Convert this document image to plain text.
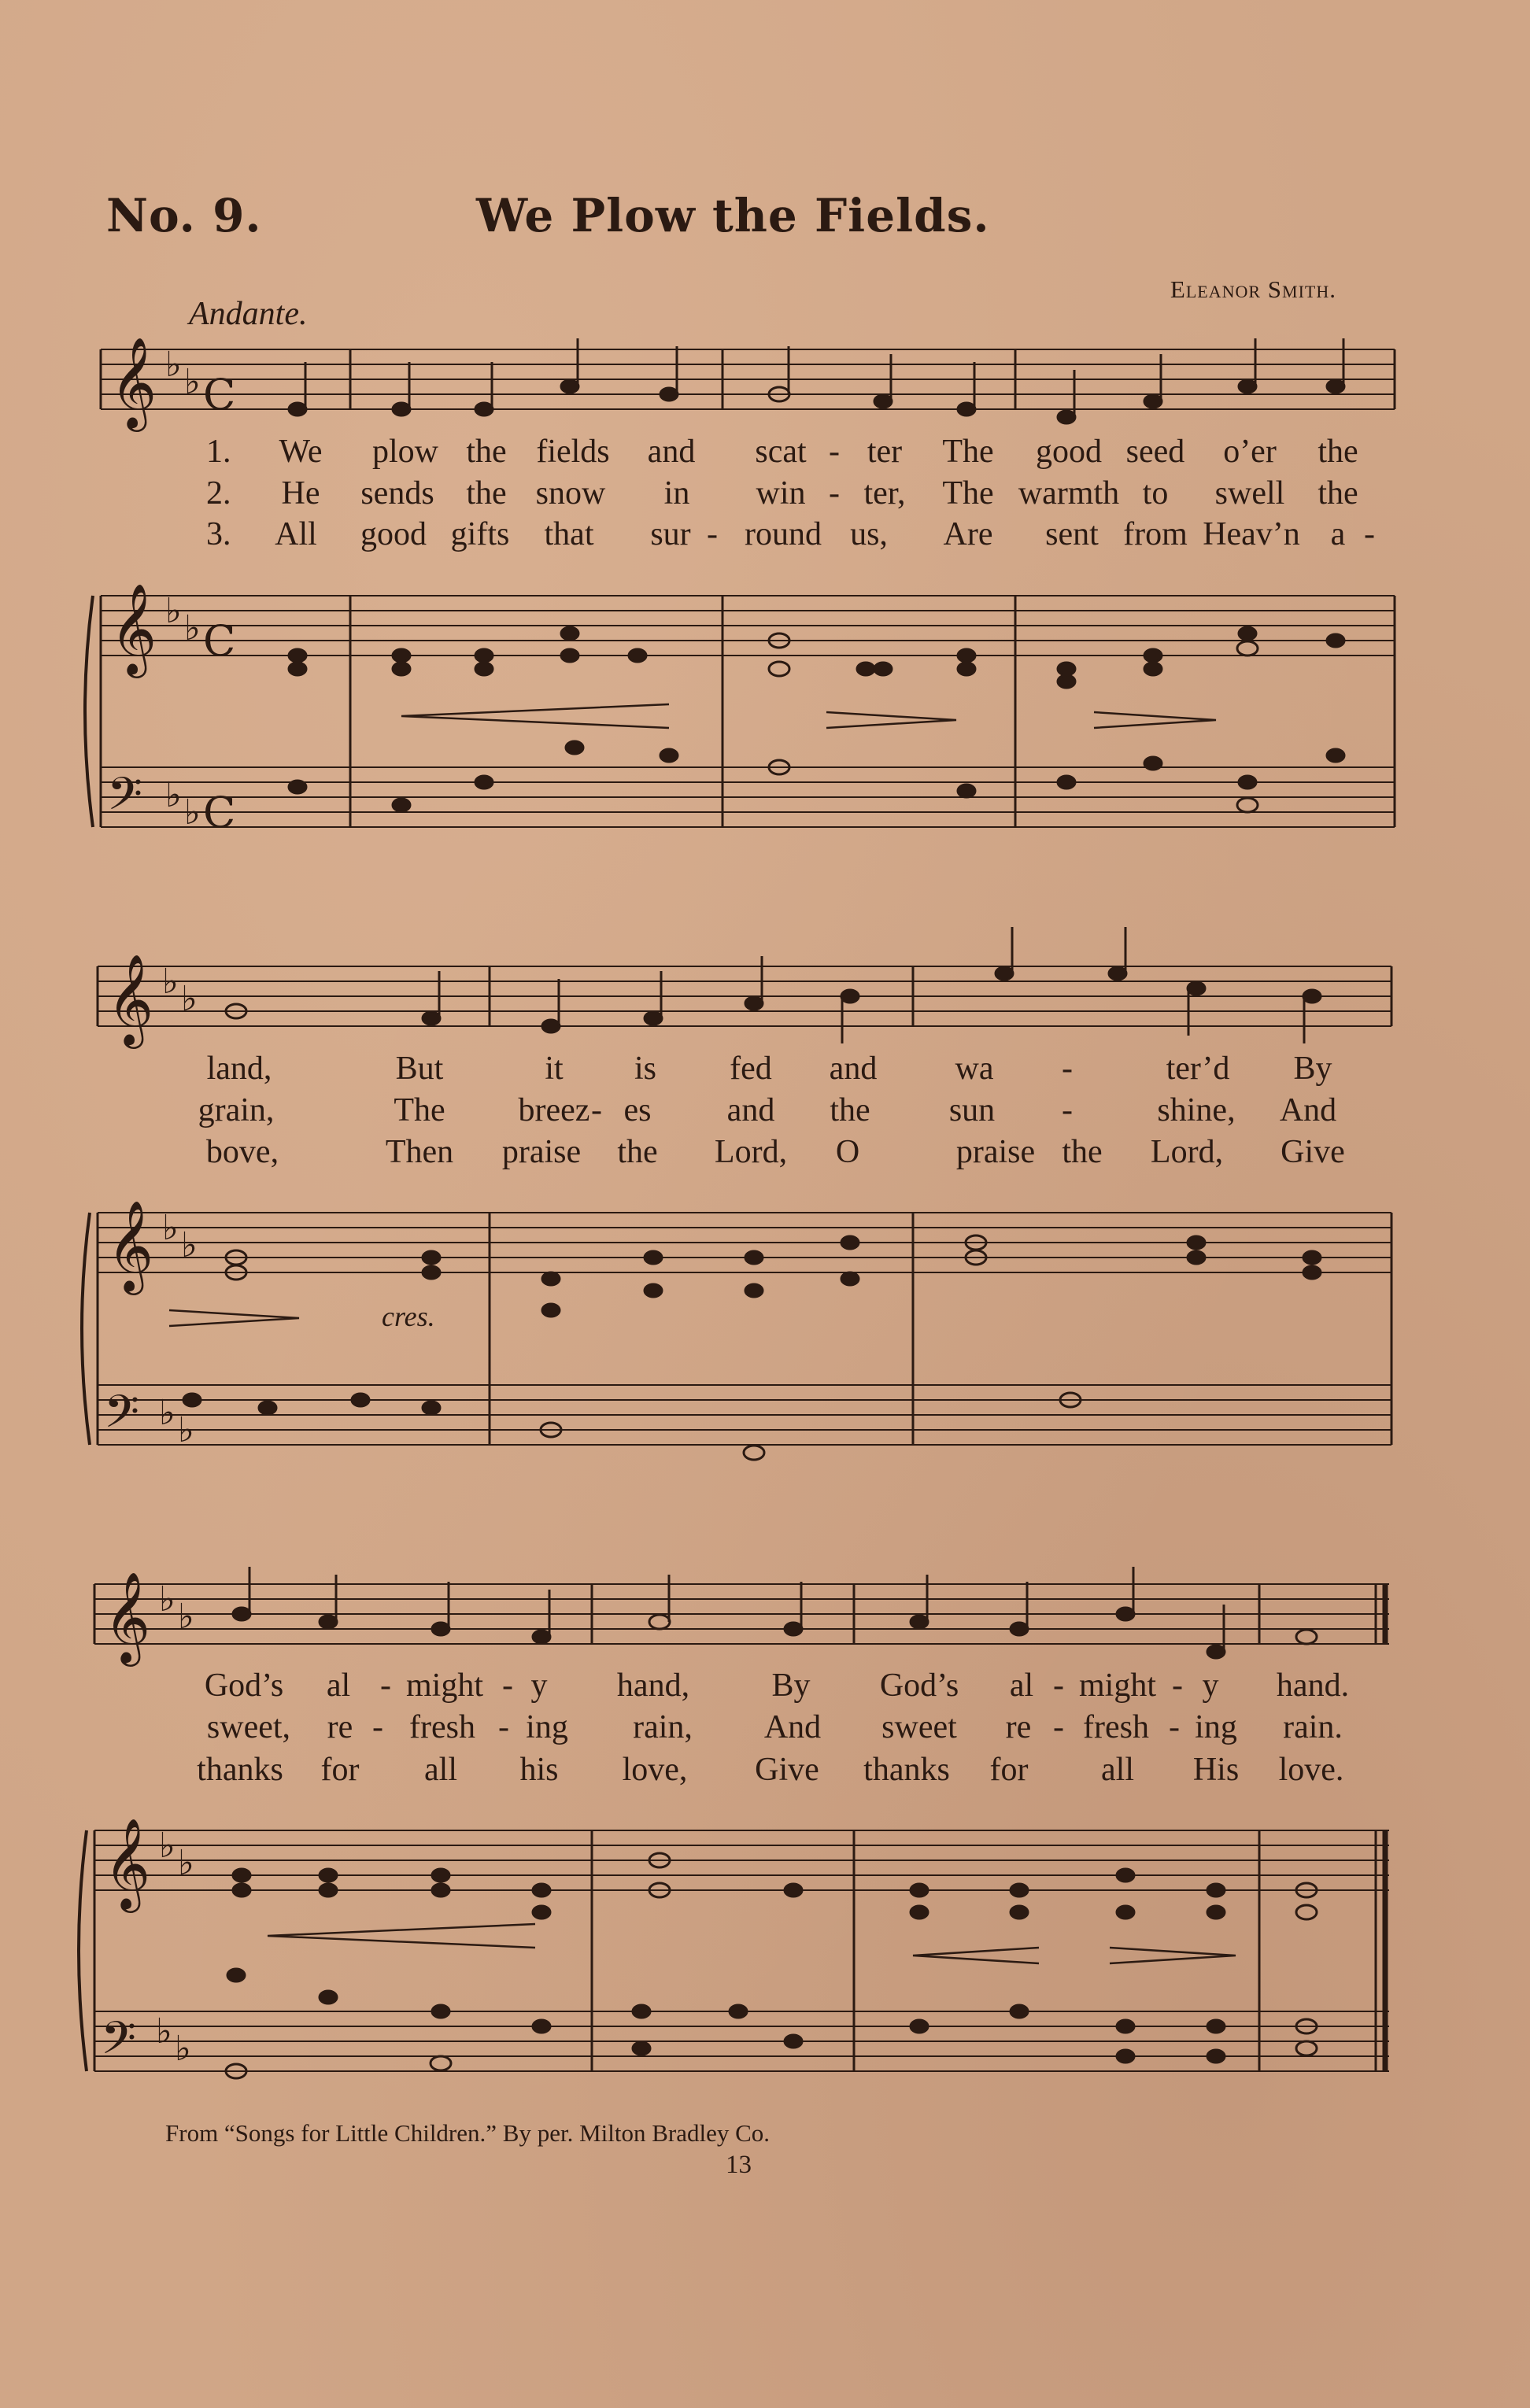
No. 9.	We Plow the Fields.
Eleanor Smith.
Andante.
𝄞
𝄞
𝄢
𝄞
𝄞
𝄢
𝄞
𝄞
𝄢
♭ ♭ C
♭ ♭ C
♭ ♭ C
♭ ♭
♭ ♭
♭ ♭
♭ ♭
♭ ♭
♭ ♭
1. We plow the fields and scat - ter The good seed o’er the
2. He sends the snow in win - ter, The warmth to swell the
3. All good gifts that sur - round us, Are sent from Heav’n a -
land,	But	it is fed and wa -	ter’d By
grain,	The breez - es and the sun -	shine, And
bove,	Then praise the Lord, O	praise the Lord, Give
cres.
God’s al - might - y hand, By God’s al - might - y hand.
sweet, re - fresh - ing rain, And sweet re - fresh - ing rain.
thanks for all his love, Give thanks for all His love.
From “Songs for Little Children.” By per. Milton Bradley Co.
13
